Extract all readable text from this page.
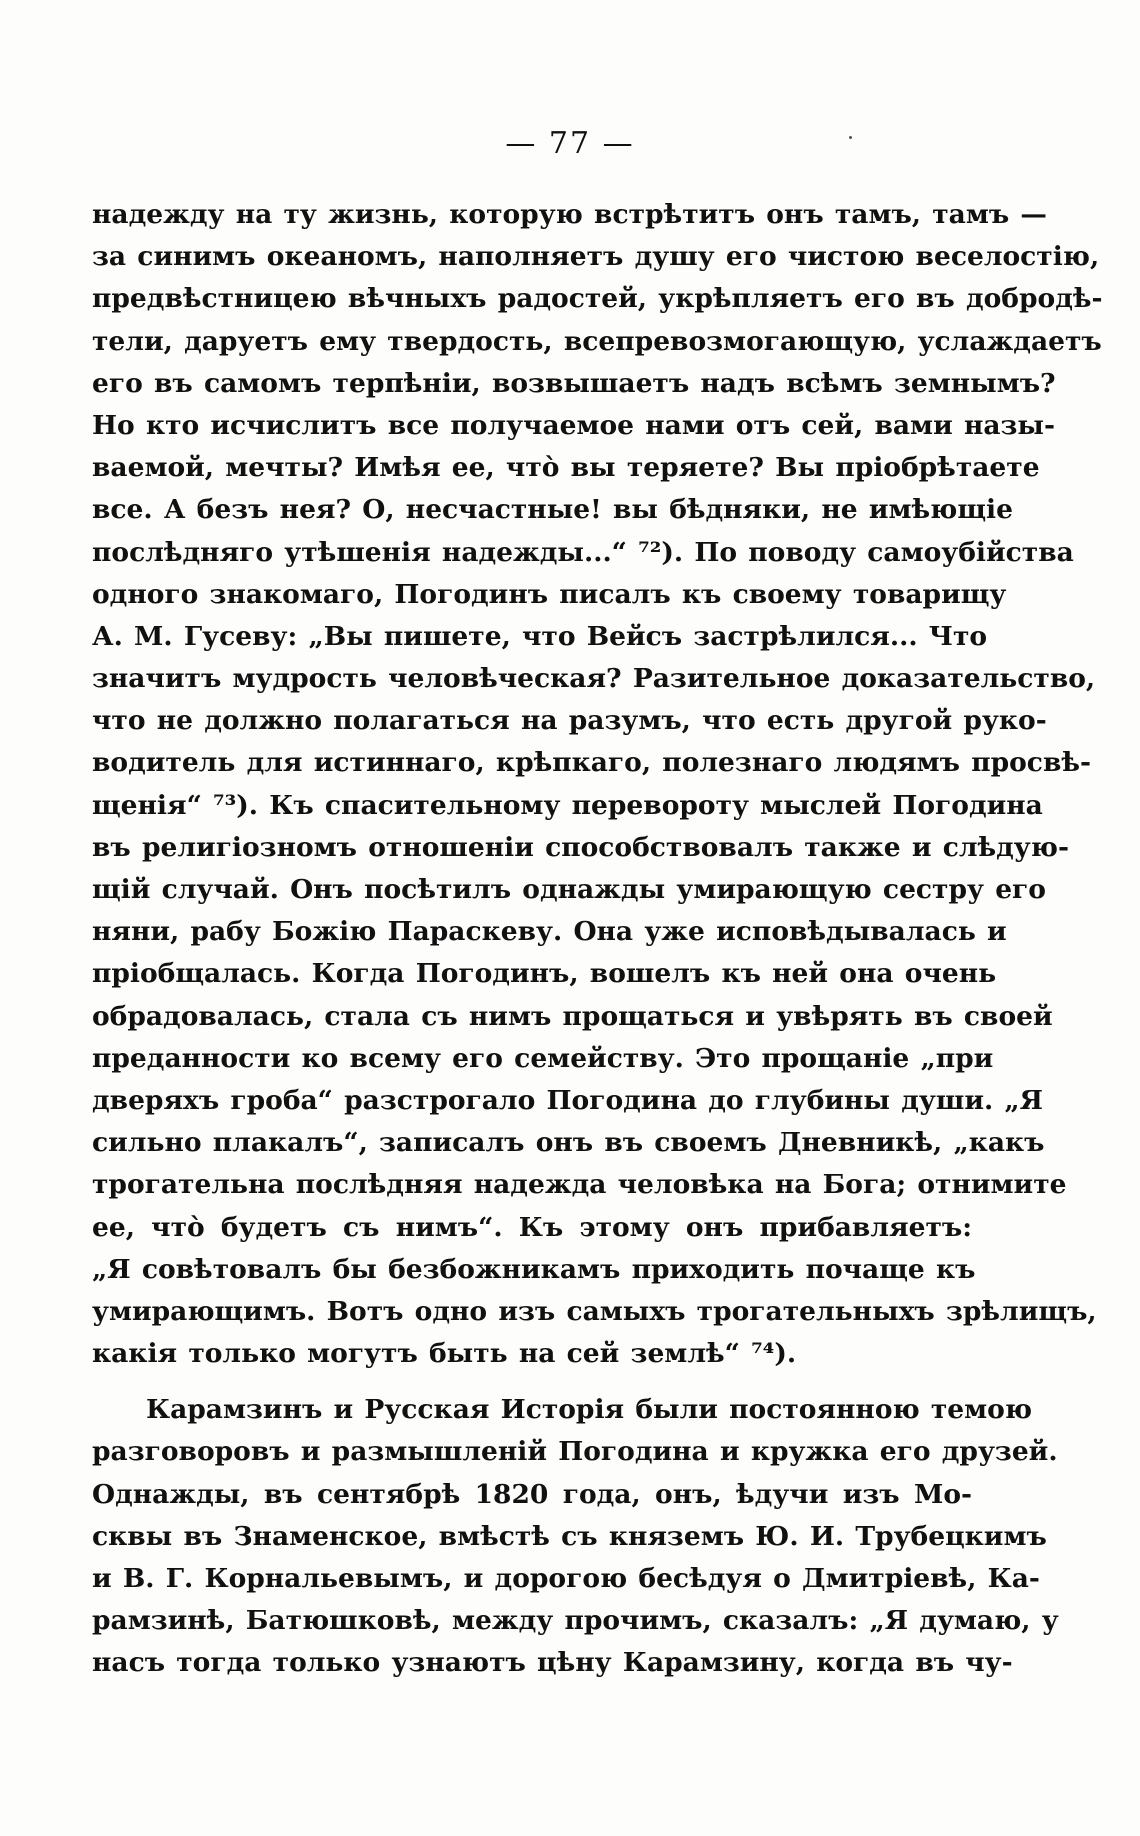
— 77 —
надежду на ту жизнь, которую встрѣтитъ онъ тамъ, тамъ —
за синимъ океаномъ, наполняетъ душу его чистою веселостію,
предвѣстницею вѣчныхъ радостей, укрѣпляетъ его въ добродѣ-
тели, даруетъ ему твердость, всепревозмогающую, услаждаетъ
его въ самомъ терпѣніи, возвышаетъ надъ всѣмъ земнымъ?
Но кто исчислитъ все получаемое нами отъ сей, вами назы-
ваемой, мечты? Имѣя ее, что̀ вы теряете? Вы пріобрѣтаете
все. А безъ нея? О, несчастные! вы бѣдняки, не имѣющіе
послѣдняго утѣшенія надежды...“ ⁷²). По поводу самоубійства
одного знакомаго, Погодинъ писалъ къ своему товарищу
А. М. Гусеву: „Вы пишете, что Вейсъ застрѣлился... Что
значитъ мудрость человѣческая? Разительное доказательство,
что не должно полагаться на разумъ, что есть другой руко-
водитель для истиннаго, крѣпкаго, полезнаго людямъ просвѣ-
щенія“ ⁷³). Къ спасительному перевороту мыслей Погодина
въ религіозномъ отношеніи способствовалъ также и слѣдую-
щій случай. Онъ посѣтилъ однажды умирающую сестру его
няни, рабу Божію Параскеву. Она уже исповѣдывалась и
пріобщалась. Когда Погодинъ, вошелъ къ ней она очень
обрадовалась, стала съ нимъ прощаться и увѣрять въ своей
преданности ко всему его семейству. Это прощаніе „при
дверяхъ гроба“ разстрогало Погодина до глубины души. „Я
сильно плакалъ“, записалъ онъ въ своемъ Дневникѣ, „какъ
трогательна послѣдняя надежда человѣка на Бога; отнимите
ее, что̀ будетъ съ нимъ“. Къ этому онъ прибавляетъ:
„Я совѣтовалъ бы безбожникамъ приходить почаще къ
умирающимъ. Вотъ одно изъ самыхъ трогательныхъ зрѣлищъ,
какія только могутъ быть на сей землѣ“ ⁷⁴).
Карамзинъ и Русская Исторія были постоянною темою
разговоровъ и размышленій Погодина и кружка его друзей.
Однажды, въ сентябрѣ 1820 года, онъ, ѣдучи изъ Мо-
сквы въ Знаменское, вмѣстѣ съ княземъ Ю. И. Трубецкимъ
и В. Г. Корнальевымъ, и дорогою бесѣдуя о Дмитріевѣ, Ка-
рамзинѣ, Батюшковѣ, между прочимъ, сказалъ: „Я думаю, у
насъ тогда только узнаютъ цѣну Карамзину, когда въ чу-
